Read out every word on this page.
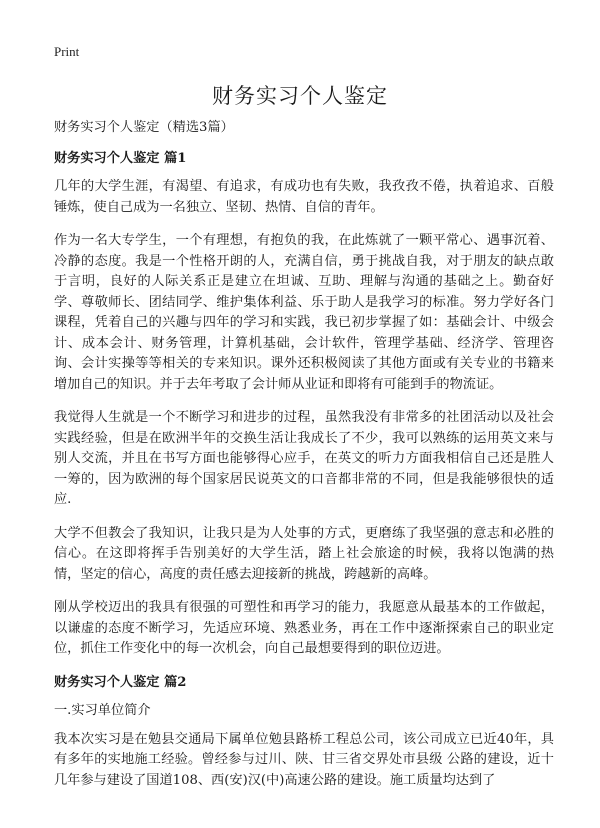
Print
财务实习个人鉴定

财务实习个人鉴定（精选3篇）

财务实习个人鉴定 篇1

几年的大学生涯，有渴望、有追求，有成功也有失败，我孜孜不倦，执着追求、百般锤炼，使自己成为一名独立、坚韧、热情、自信的青年。

作为一名大专学生，一个有理想，有抱负的我，在此炼就了一颗平常心、遇事沉着、冷静的态度。我是一个性格开朗的人，充满自信，勇于挑战自我，对于朋友的缺点敢于言明，良好的人际关系正是建立在坦诚、互助、理解与沟通的基础之上。勤奋好学、尊敬师长、团结同学、维护集体利益、乐于助人是我学习的标准。努力学好各门课程，凭着自己的兴趣与四年的学习和实践，我已初步掌握了如：基础会计、中级会计、成本会计、财务管理，计算机基础，会计软件，管理学基础、经济学、管理咨询、会计实操等等相关的专来知识。课外还积极阅读了其他方面或有关专业的书籍来增加自己的知识。并于去年考取了会计师从业证和即将有可能到手的物流证。

我觉得人生就是一个不断学习和进步的过程，虽然我没有非常多的社团活动以及社会实践经验，但是在欧洲半年的交换生活让我成长了不少，我可以熟练的运用英文来与别人交流，并且在书写方面也能够得心应手，在英文的听力方面我相信自己还是胜人一筹的，因为欧洲的每个国家居民说英文的口音都非常的不同，但是我能够很快的适应.

大学不但教会了我知识，让我只是为人处事的方式，更磨练了我坚强的意志和必胜的信心。在这即将挥手告别美好的大学生活，踏上社会旅途的时候，我将以饱满的热情，坚定的信心，高度的责任感去迎接新的挑战，跨越新的高峰。

刚从学校迈出的我具有很强的可塑性和再学习的能力，我愿意从最基本的工作做起，以谦虚的态度不断学习，先适应环境、熟悉业务，再在工作中逐渐探索自己的职业定位，抓住工作变化中的每一次机会，向自己最想要得到的职位迈进。

财务实习个人鉴定 篇2

一.实习单位简介

我本次实习是在勉县交通局下属单位勉县路桥工程总公司，该公司成立已近40年，具有多年的实地施工经验。曾经参与过川、陕、甘三省交界处市县级 公路的建设，近十几年参与建设了国道108、西(安)汉(中)高速公路的建设。施工质量均达到了
